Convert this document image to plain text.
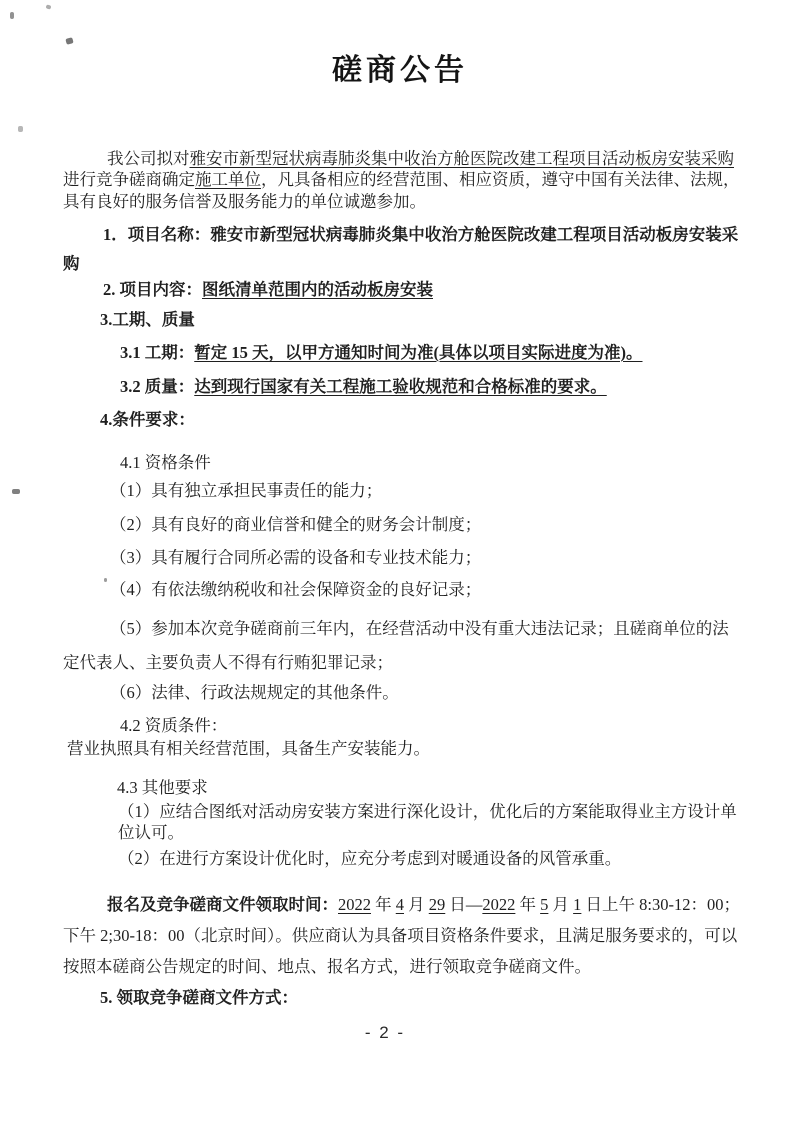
磋商公告

我公司拟对雅安市新型冠状病毒肺炎集中收治方舱医院改建工程项目活动板房安装采购进行竞争磋商确定施工单位，凡具备相应的经营范围、相应资质，遵守中国有关法律、法规，具有良好的服务信誉及服务能力的单位诚邀参加。

1．项目名称：雅安市新型冠状病毒肺炎集中收治方舱医院改建工程项目活动板房安装采购

2. 项目内容：图纸清单范围内的活动板房安装

3.工期、质量

3.1 工期：暂定 15 天，以甲方通知时间为准(具体以项目实际进度为准)。

3.2 质量：达到现行国家有关工程施工验收规范和合格标准的要求。

4.条件要求：

4.1 资格条件

（1）具有独立承担民事责任的能力；

（2）具有良好的商业信誉和健全的财务会计制度；

（3）具有履行合同所必需的设备和专业技术能力；

（4）有依法缴纳税收和社会保障资金的良好记录；

（5）参加本次竞争磋商前三年内，在经营活动中没有重大违法记录；且磋商单位的法定代表人、主要负责人不得有行贿犯罪记录；

（6）法律、行政法规规定的其他条件。

4.2 资质条件：

营业执照具有相关经营范围，具备生产安装能力。

4.3 其他要求

（1）应结合图纸对活动房安装方案进行深化设计，优化后的方案能取得业主方设计单位认可。

（2）在进行方案设计优化时，应充分考虑到对暖通设备的风管承重。

报名及竞争磋商文件领取时间：2022 年 4 月 29 日—2022 年 5 月 1 日上午 8:30-12：00；下午 2;30-18：00（北京时间）。供应商认为具备项目资格条件要求，且满足服务要求的，可以按照本磋商公告规定的时间、地点、报名方式，进行领取竞争磋商文件。

5. 领取竞争磋商文件方式：

- 2 -
